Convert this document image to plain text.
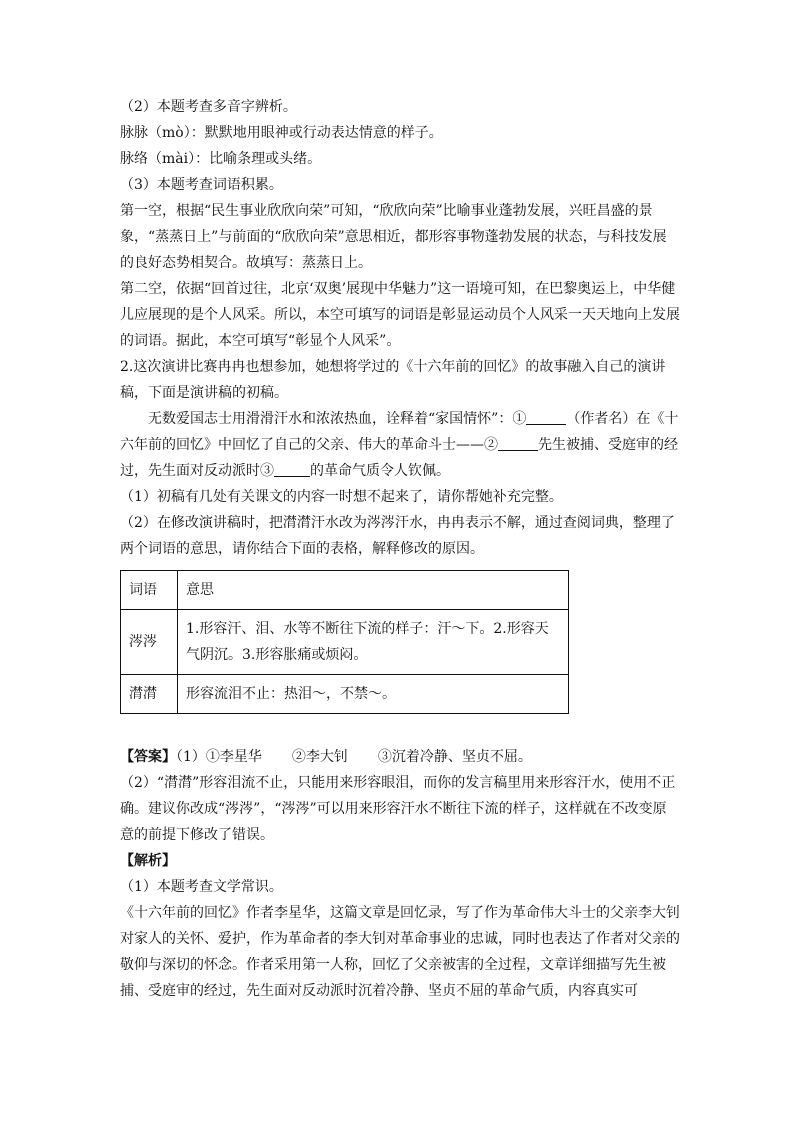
（2）本题考查多音字辨析。

脉脉（mò）：默默地用眼神或行动表达情意的样子。

脉络（mài）：比喻条理或头绪。

（3）本题考查词语积累。

第一空，根据“民生事业欣欣向荣”可知，“欣欣向荣”比喻事业蓬勃发展，兴旺昌盛的景象，“蒸蒸日上”与前面的“欣欣向荣”意思相近，都形容事物蓬勃发展的状态，与科技发展的良好态势相契合。故填写：蒸蒸日上。

第二空，依据“回首过往，北京‘双奥’展现中华魅力”这一语境可知，在巴黎奥运上，中华健儿应展现的是个人风采。所以，本空可填写的词语是彰显运动员个人风采一天天地向上发展的词语。据此，本空可填写“彰显个人风采”。

2.这次演讲比赛冉冉也想参加，她想将学过的《十六年前的回忆》的故事融入自己的演讲稿，下面是演讲稿的初稿。

无数爱国志士用滑滑汗水和浓浓热血，诠释着“家国情怀”：①	（作者名）在《十六年前的回忆》中回忆了自己的父亲、伟大的革命斗士——②	先生被捕、受庭审的经过，先生面对反动派时③	的革命气质令人钦佩。

（1）初稿有几处有关课文的内容一时想不起来了，请你帮她补充完整。

（2）在修改演讲稿时，把潸潸汗水改为涔涔汗水，冉冉表示不解，通过查阅词典，整理了两个词语的意思，请你结合下面的表格，解释修改的原因。

词语	意思
涔涔	1.形容汗、泪、水等不断往下流的样子：汗～下。2.形容天气阴沉。3.形容胀痛或烦闷。
潸潸	形容流泪不止：热泪～，不禁～。

【答案】（1）①李星华 ②李大钊 ③沉着冷静、坚贞不屈。

（2）“潸潸”形容泪流不止，只能用来形容眼泪，而你的发言稿里用来形容汗水，使用不正确。建议你改成“涔涔”，“涔涔”可以用来形容汗水不断往下流的样子，这样就在不改变原意的前提下修改了错误。

【解析】

（1）本题考查文学常识。

《十六年前的回忆》作者李星华，这篇文章是回忆录，写了作为革命伟大斗士的父亲李大钊对家人的关怀、爱护，作为革命者的李大钊对革命事业的忠诚，同时也表达了作者对父亲的敬仰与深切的怀念。作者采用第一人称，回忆了父亲被害的全过程，文章详细描写先生被捕、受庭审的经过，先生面对反动派时沉着冷静、坚贞不屈的革命气质，内容真实可
